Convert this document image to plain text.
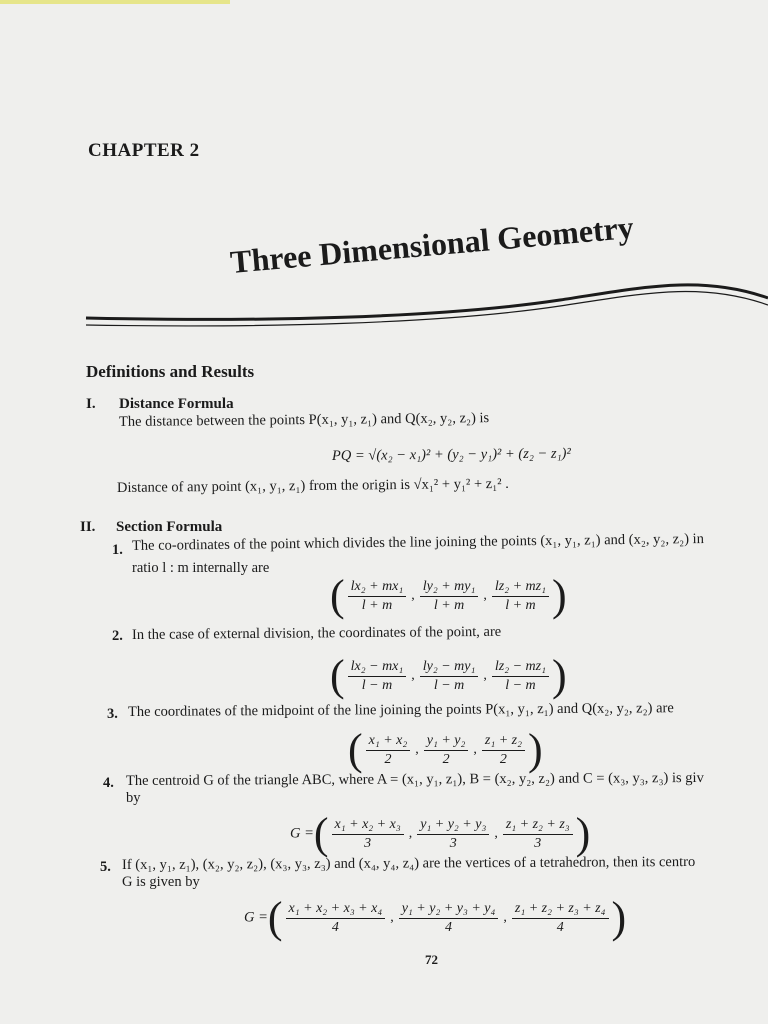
CHAPTER 2
Three Dimensional Geometry
Definitions and Results
I. Distance Formula
The distance between the points P(x₁, y₁, z₁) and Q(x₂, y₂, z₂) is
PQ = √(x₂ − x₁)² + (y₂ − y₁)² + (z₂ − z₁)²
Distance of any point (x₁, y₁, z₁) from the origin is √x₁² + y₁² + z₁² .
II. Section Formula
1. The co-ordinates of the point which divides the line joining the points (x₁, y₁, z₁) and (x₂, y₂, z₂) in
ratio l : m internally are
( $\frac{\text{lx₂ + mx₁}}{l + m}$ , $\frac{\text{ly₂ + my₁}}{l + m}$ , $\frac{\text{lz₂ + mz₁}}{l + m}$ )
2. In the case of external division, the coordinates of the point, are
( $\frac{\text{lx₂ − mx₁}}{l - m}$ , $\frac{\text{ly₂ − my₁}}{l - m}$ , $\frac{\text{lz₂ − mz₁}}{l - m}$ )
3. The coordinates of the midpoint of the line joining the points P(x₁, y₁, z₁) and Q(x₂, y₂, z₂) are
( $\frac{\text{x₁ + x₂}}{2}$ , $\frac{\text{y₁ + y₂}}{2}$ , $\frac{\text{z₁ + z₂}}{2}$ )
4. The centroid G of the triangle ABC, where A = (x₁, y₁, z₁), B = (x₂, y₂, z₂) and C = (x₃, y₃, z₃) is giv
by
G =( $\frac{\text{x₁ + x₂ + x₃}}{3}$ , $\frac{\text{y₁ + y₂ + y₃}}{3}$ , $\frac{\text{z₁ + z₂ + z₃}}{3}$ )
5. If (x₁, y₁, z₁), (x₂, y₂, z₂), (x₃, y₃, z₃) and (x₄, y₄, z₄) are the vertices of a tetrahedron, then its centro
G is given by
G =( $\frac{\text{x₁ + x₂ + x₃ + x₄}}{4}$ , $\frac{\text{y₁ + y₂ + y₃ + y₄}}{4}$ , $\frac{\text{z₁ + z₂ + z₃ + z₄}}{4}$ )
72
